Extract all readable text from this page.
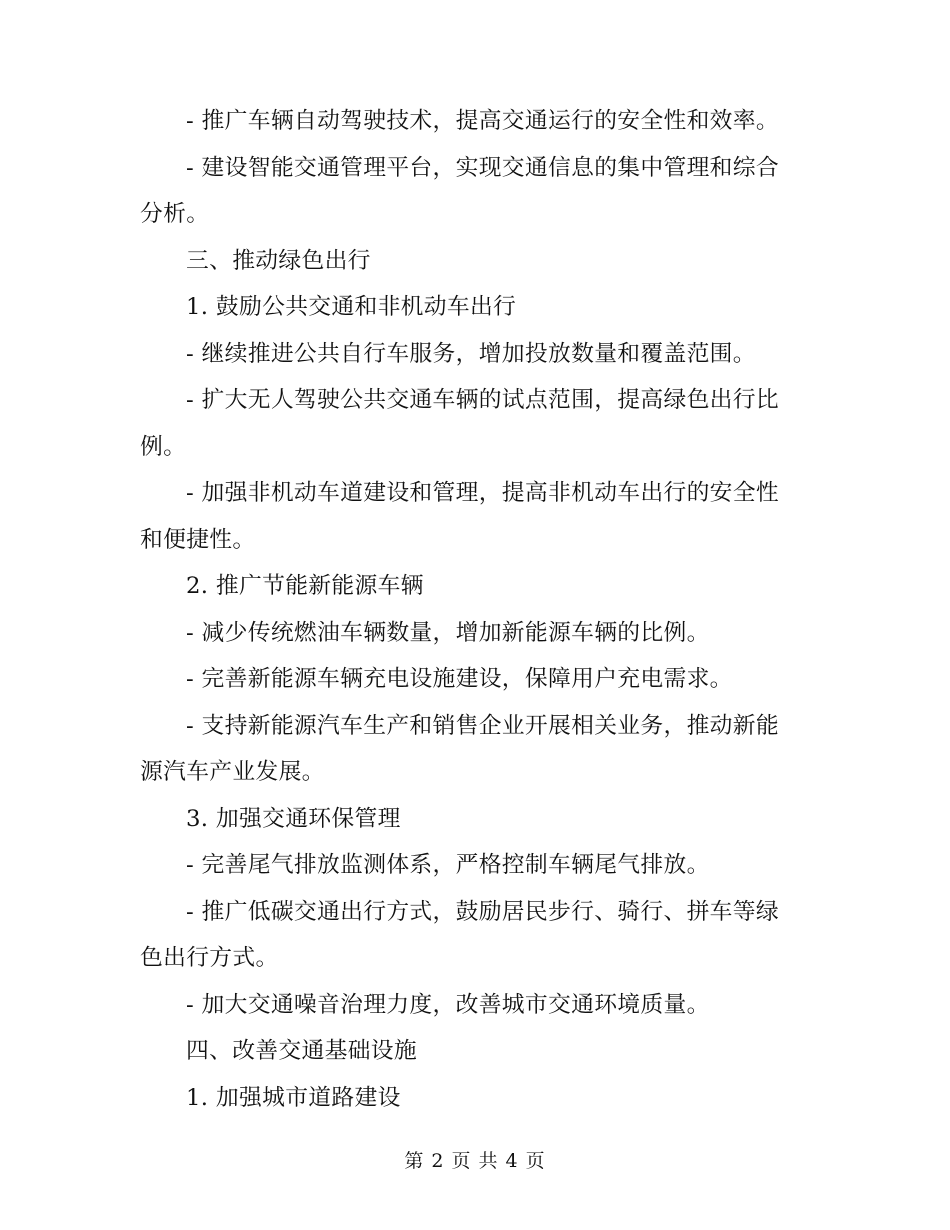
- 推广车辆自动驾驶技术，提高交通运行的安全性和效率。

- 建设智能交通管理平台，实现交通信息的集中管理和综合分析。

三、推动绿色出行

1. 鼓励公共交通和非机动车出行

- 继续推进公共自行车服务，增加投放数量和覆盖范围。

- 扩大无人驾驶公共交通车辆的试点范围，提高绿色出行比例。

- 加强非机动车道建设和管理，提高非机动车出行的安全性和便捷性。

2. 推广节能新能源车辆

- 减少传统燃油车辆数量，增加新能源车辆的比例。

- 完善新能源车辆充电设施建设，保障用户充电需求。

- 支持新能源汽车生产和销售企业开展相关业务，推动新能源汽车产业发展。

3. 加强交通环保管理

- 完善尾气排放监测体系，严格控制车辆尾气排放。

- 推广低碳交通出行方式，鼓励居民步行、骑行、拼车等绿色出行方式。

- 加大交通噪音治理力度，改善城市交通环境质量。

四、改善交通基础设施

1. 加强城市道路建设

第 2 页 共 4 页
